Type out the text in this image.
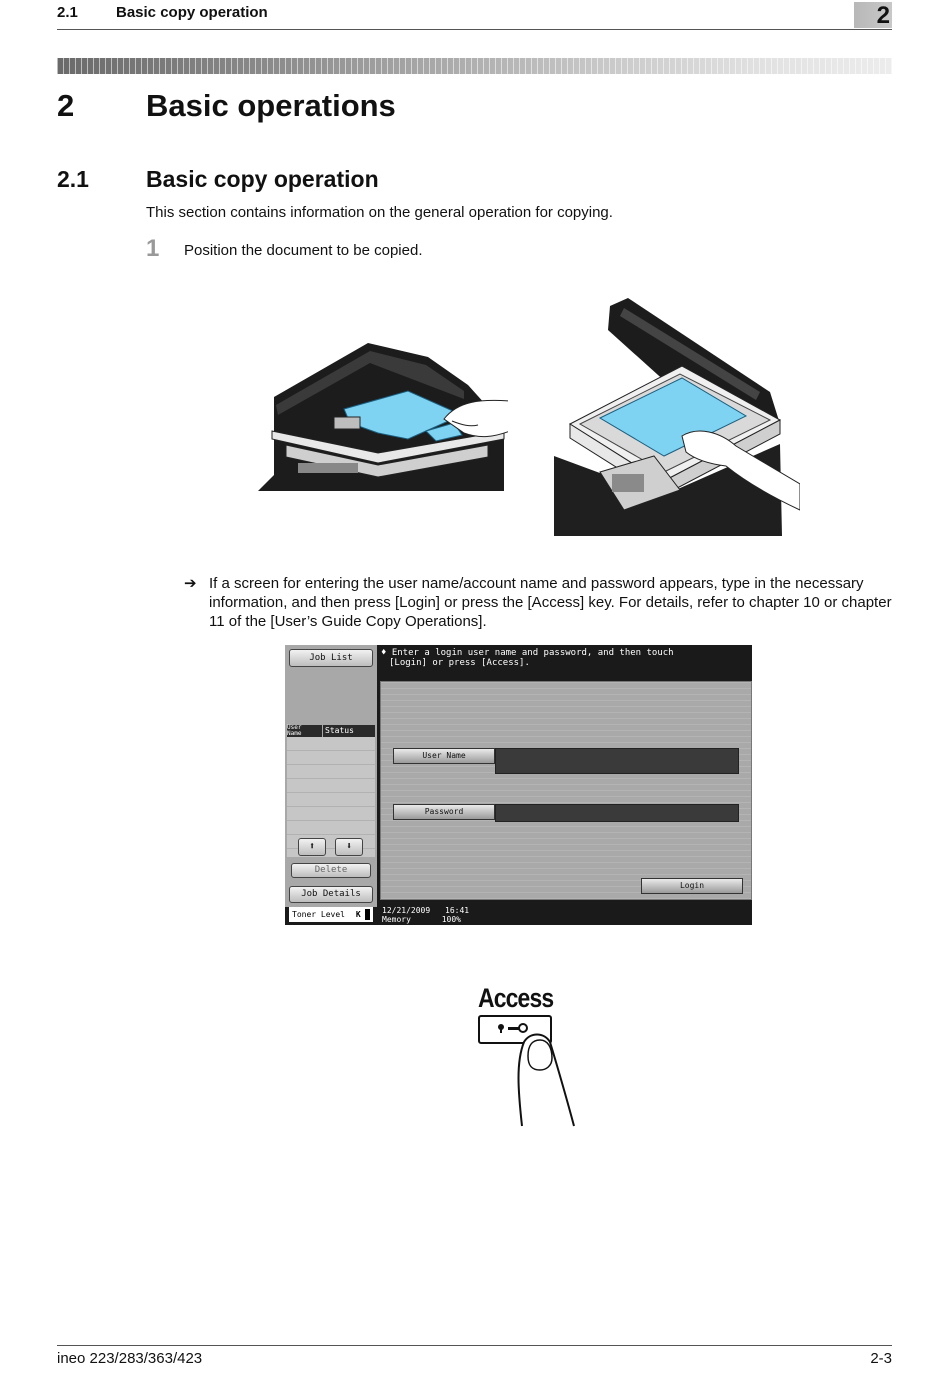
2.1	Basic copy operation	2
2 Basic operations
2.1 Basic copy operation
This section contains information on the general operation for copying.
1 Position the document to be copied.
➔ If a screen for entering the user name/account name and password appears, type in the necessary information, and then press [Login] or press the [Access] key. For details, refer to chapter 10 or chapter 11 of the [User’s Guide Copy Operations].
Job List
User
Name	Status
⬆	⬇
Delete
Job Details
Toner Level K
♦ Enter a login user name and password, and then touch
[Login] or press [Access].
User Name
Password
Login
12/21/2009 16:41
Memory	100%
Access
ineo 223/283/363/423	2-3
